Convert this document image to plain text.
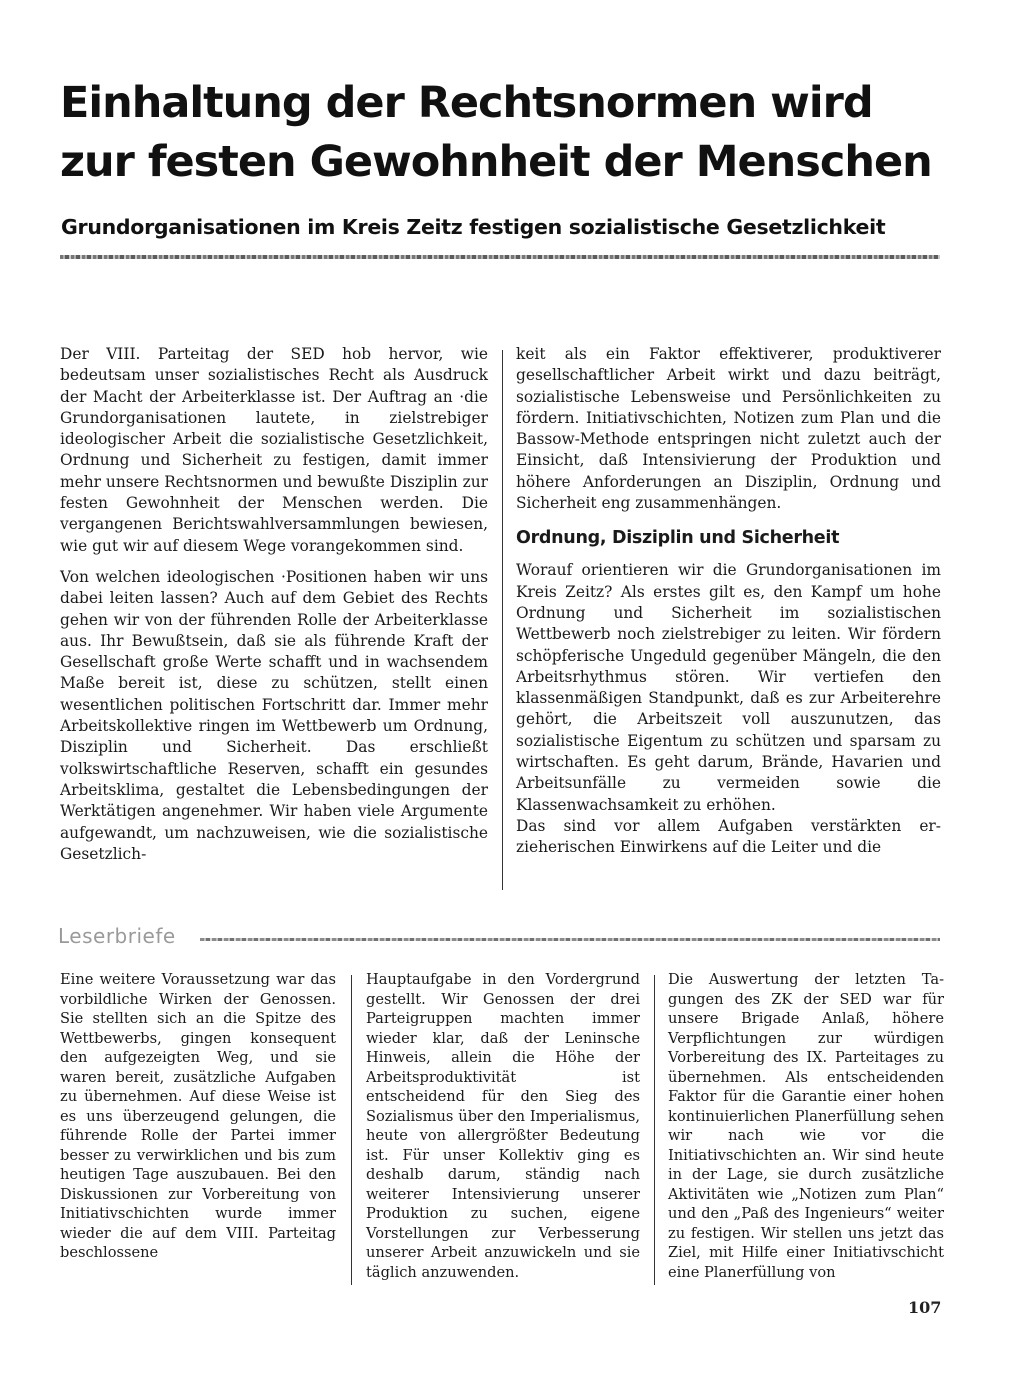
Einhaltung der Rechtsnormen wird
zur festen Gewohnheit der Menschen
Grundorganisationen im Kreis Zeitz festigen sozialistische Gesetzlichkeit

Der VIII. Parteitag der SED hob hervor, wie bedeutsam unser sozialistisches Recht als Ausdruck der Macht der Arbeiterklasse ist. Der Auftrag an ·die Grundorganisationen lautete, in zielstrebiger ideologischer Arbeit die sozialistische Gesetzlichkeit, Ordnung und Sicherheit zu festigen, damit immer mehr unsere Rechtsnormen und bewußte Disziplin zur festen Gewohnheit der Menschen werden. Die vergangenen Berichtswahlversammlungen bewiesen, wie gut wir auf diesem Wege vorangekommen sind.

Von welchen ideologischen ·Positionen haben wir uns dabei leiten lassen? Auch auf dem Gebiet des Rechts gehen wir von der führenden Rolle der Arbeiterklasse aus. Ihr Bewußtsein, daß sie als führende Kraft der Gesellschaft große Werte schafft und in wachsendem Maße bereit ist, diese zu schützen, stellt einen wesentlichen politischen Fortschritt dar. Immer mehr Arbeitskollektive ringen im Wettbewerb um Ordnung, Disziplin und Sicherheit. Das erschließt volkswirtschaftliche Reserven, schafft ein gesundes Arbeitsklima, gestaltet die Lebensbedingungen der Werktätigen angenehmer. Wir haben viele Argumente aufgewandt, um nachzuweisen, wie die sozialistische Gesetzlich-

keit als ein Faktor effektiverer, produktiverer gesellschaftlicher Arbeit wirkt und dazu beiträgt, sozialistische Lebensweise und Persönlichkeiten zu fördern. Initiativschichten, Notizen zum Plan und die Bassow-Methode entspringen nicht zuletzt auch der Einsicht, daß Intensivierung der Produktion und höhere Anforderungen an Disziplin, Ordnung und Sicherheit eng zusammenhängen.

Ordnung, Disziplin und Sicherheit

Worauf orientieren wir die Grundorganisationen im Kreis Zeitz? Als erstes gilt es, den Kampf um hohe Ordnung und Sicherheit im sozialistischen Wettbewerb noch zielstrebiger zu leiten. Wir fördern schöpferische Ungeduld gegenüber Mängeln, die den Arbeitsrhythmus stören. Wir vertiefen den klassenmäßigen Standpunkt, daß es zur Arbeiterehre gehört, die Arbeitszeit voll auszunutzen, das sozialistische Eigentum zu schützen und sparsam zu wirtschaften. Es geht darum, Brände, Havarien und Arbeitsunfälle zu vermeiden sowie die Klassenwachsamkeit zu erhöhen.

Das sind vor allem Aufgaben verstärkten erzieherischen Einwirkens auf die Leiter und die

Leserbriefe

Eine weitere Voraussetzung war das vorbildliche Wirken der Genossen. Sie stellten sich an die Spitze des Wettbewerbs, gingen konsequent den aufgezeigten Weg, und sie waren bereit, zusätzliche Aufgaben zu übernehmen. Auf diese Weise ist es uns überzeugend gelungen, die führende Rolle der Partei immer besser zu verwirklichen und bis zum heutigen Tage auszubauen. Bei den Diskussionen zur Vorbereitung von Initiativschichten wurde immer wieder die auf dem VIII. Parteitag beschlossene

Hauptaufgabe in den Vordergrund gestellt. Wir Genossen der drei Parteigruppen machten immer wieder klar, daß der Leninsche Hinweis, allein die Höhe der Arbeitsproduktivität ist entscheidend für den Sieg des Sozialismus über den Imperialismus, heute von allergrößter Bedeutung ist. Für unser Kollektiv ging es deshalb darum, ständig nach weiterer Intensivierung unserer Produktion zu suchen, eigene Vorstellungen zur Verbesserung unserer Arbeit anzuwickeln und sie täglich anzuwenden.

Die Auswertung der letzten Tagungen des ZK der SED war für unsere Brigade Anlaß, höhere Verpflichtungen zur würdigen Vorbereitung des IX. Parteitages zu übernehmen. Als entscheidenden Faktor für die Garantie einer hohen kontinuierlichen Planerfüllung sehen wir nach wie vor die Initiativschichten an. Wir sind heute in der Lage, sie durch zusätzliche Aktivitäten wie „Notizen zum Plan“ und den „Paß des Ingenieurs“ weiter zu festigen. Wir stellen uns jetzt das Ziel, mit Hilfe einer Initiativschicht eine Planerfüllung von

107
